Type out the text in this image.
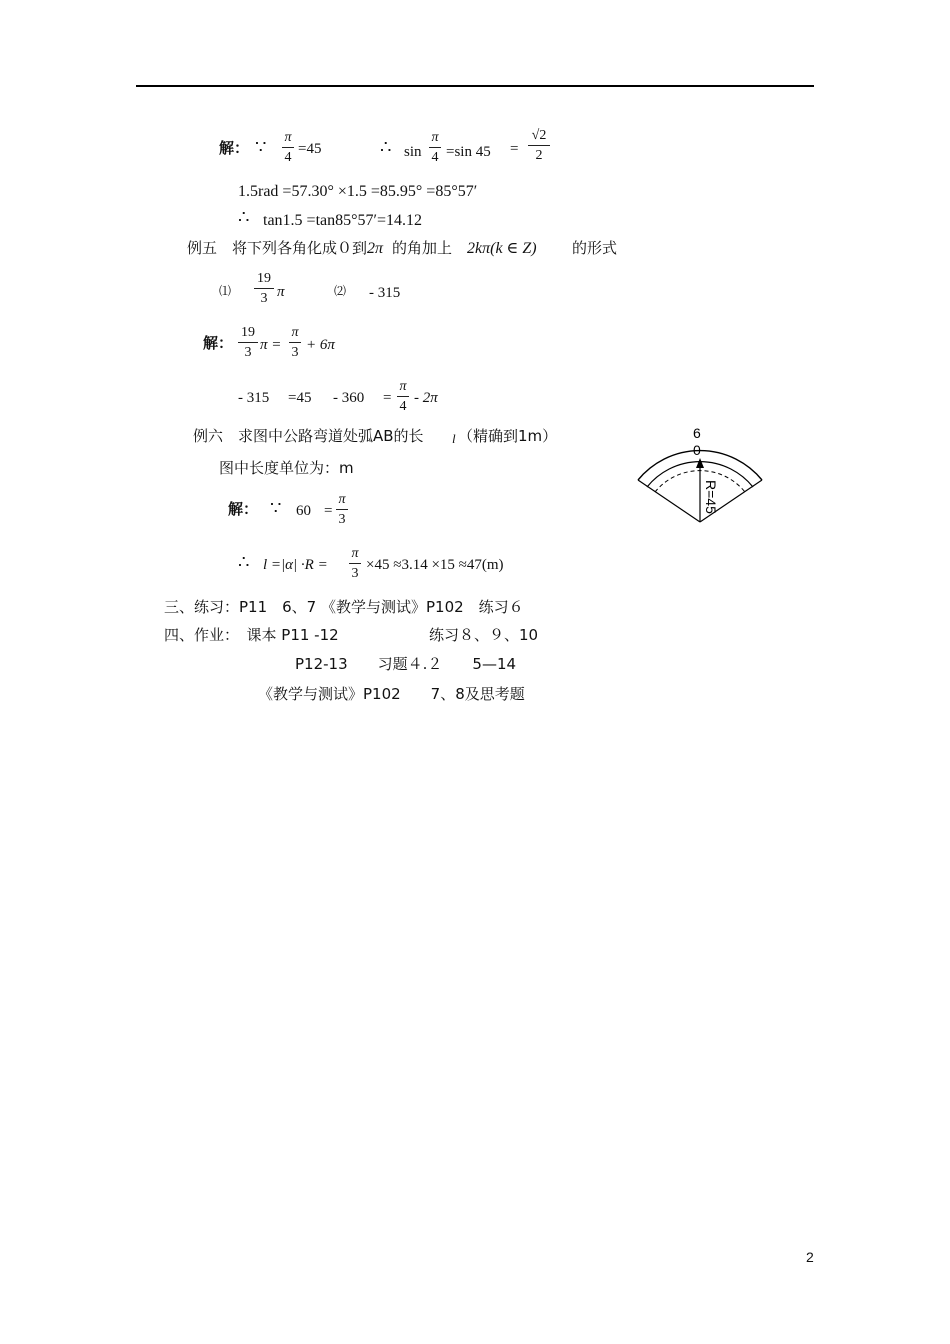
解： ∵ π
4
=45	∴ sin
π
4 =sin 45 =
√2
2
1.5rad =57.30° ×1.5 =85.95° =85°57′
∴ tan1.5 =tan85°57′=14.12
例五　将下列各角化成０到 2π 的角加上 2kπ(k ∈ Z) 的形式
⑴
19
3 π	⑵ - 315
解：
19
3 π =
π
3 + 6π
- 315 =45 - 360 =
π
4
- 2π
例六　求图中公路弯道处弧AB的长 l （精确到1m）
图中长度单位为：m
解： ∵ 60 =
π
3
∴ l =|α| ·R =
π
3
×45 ≈3.14 ×15 ≈47(m)
6
0
R=45
三、练习：P11　6、7 《教学与测试》P102　练习６
四、作业：　课本 P11 -12	练习８、９、10
P12-13　　习题４.２　　5—14
《教学与测试》P102　　7、8及思考题
2
